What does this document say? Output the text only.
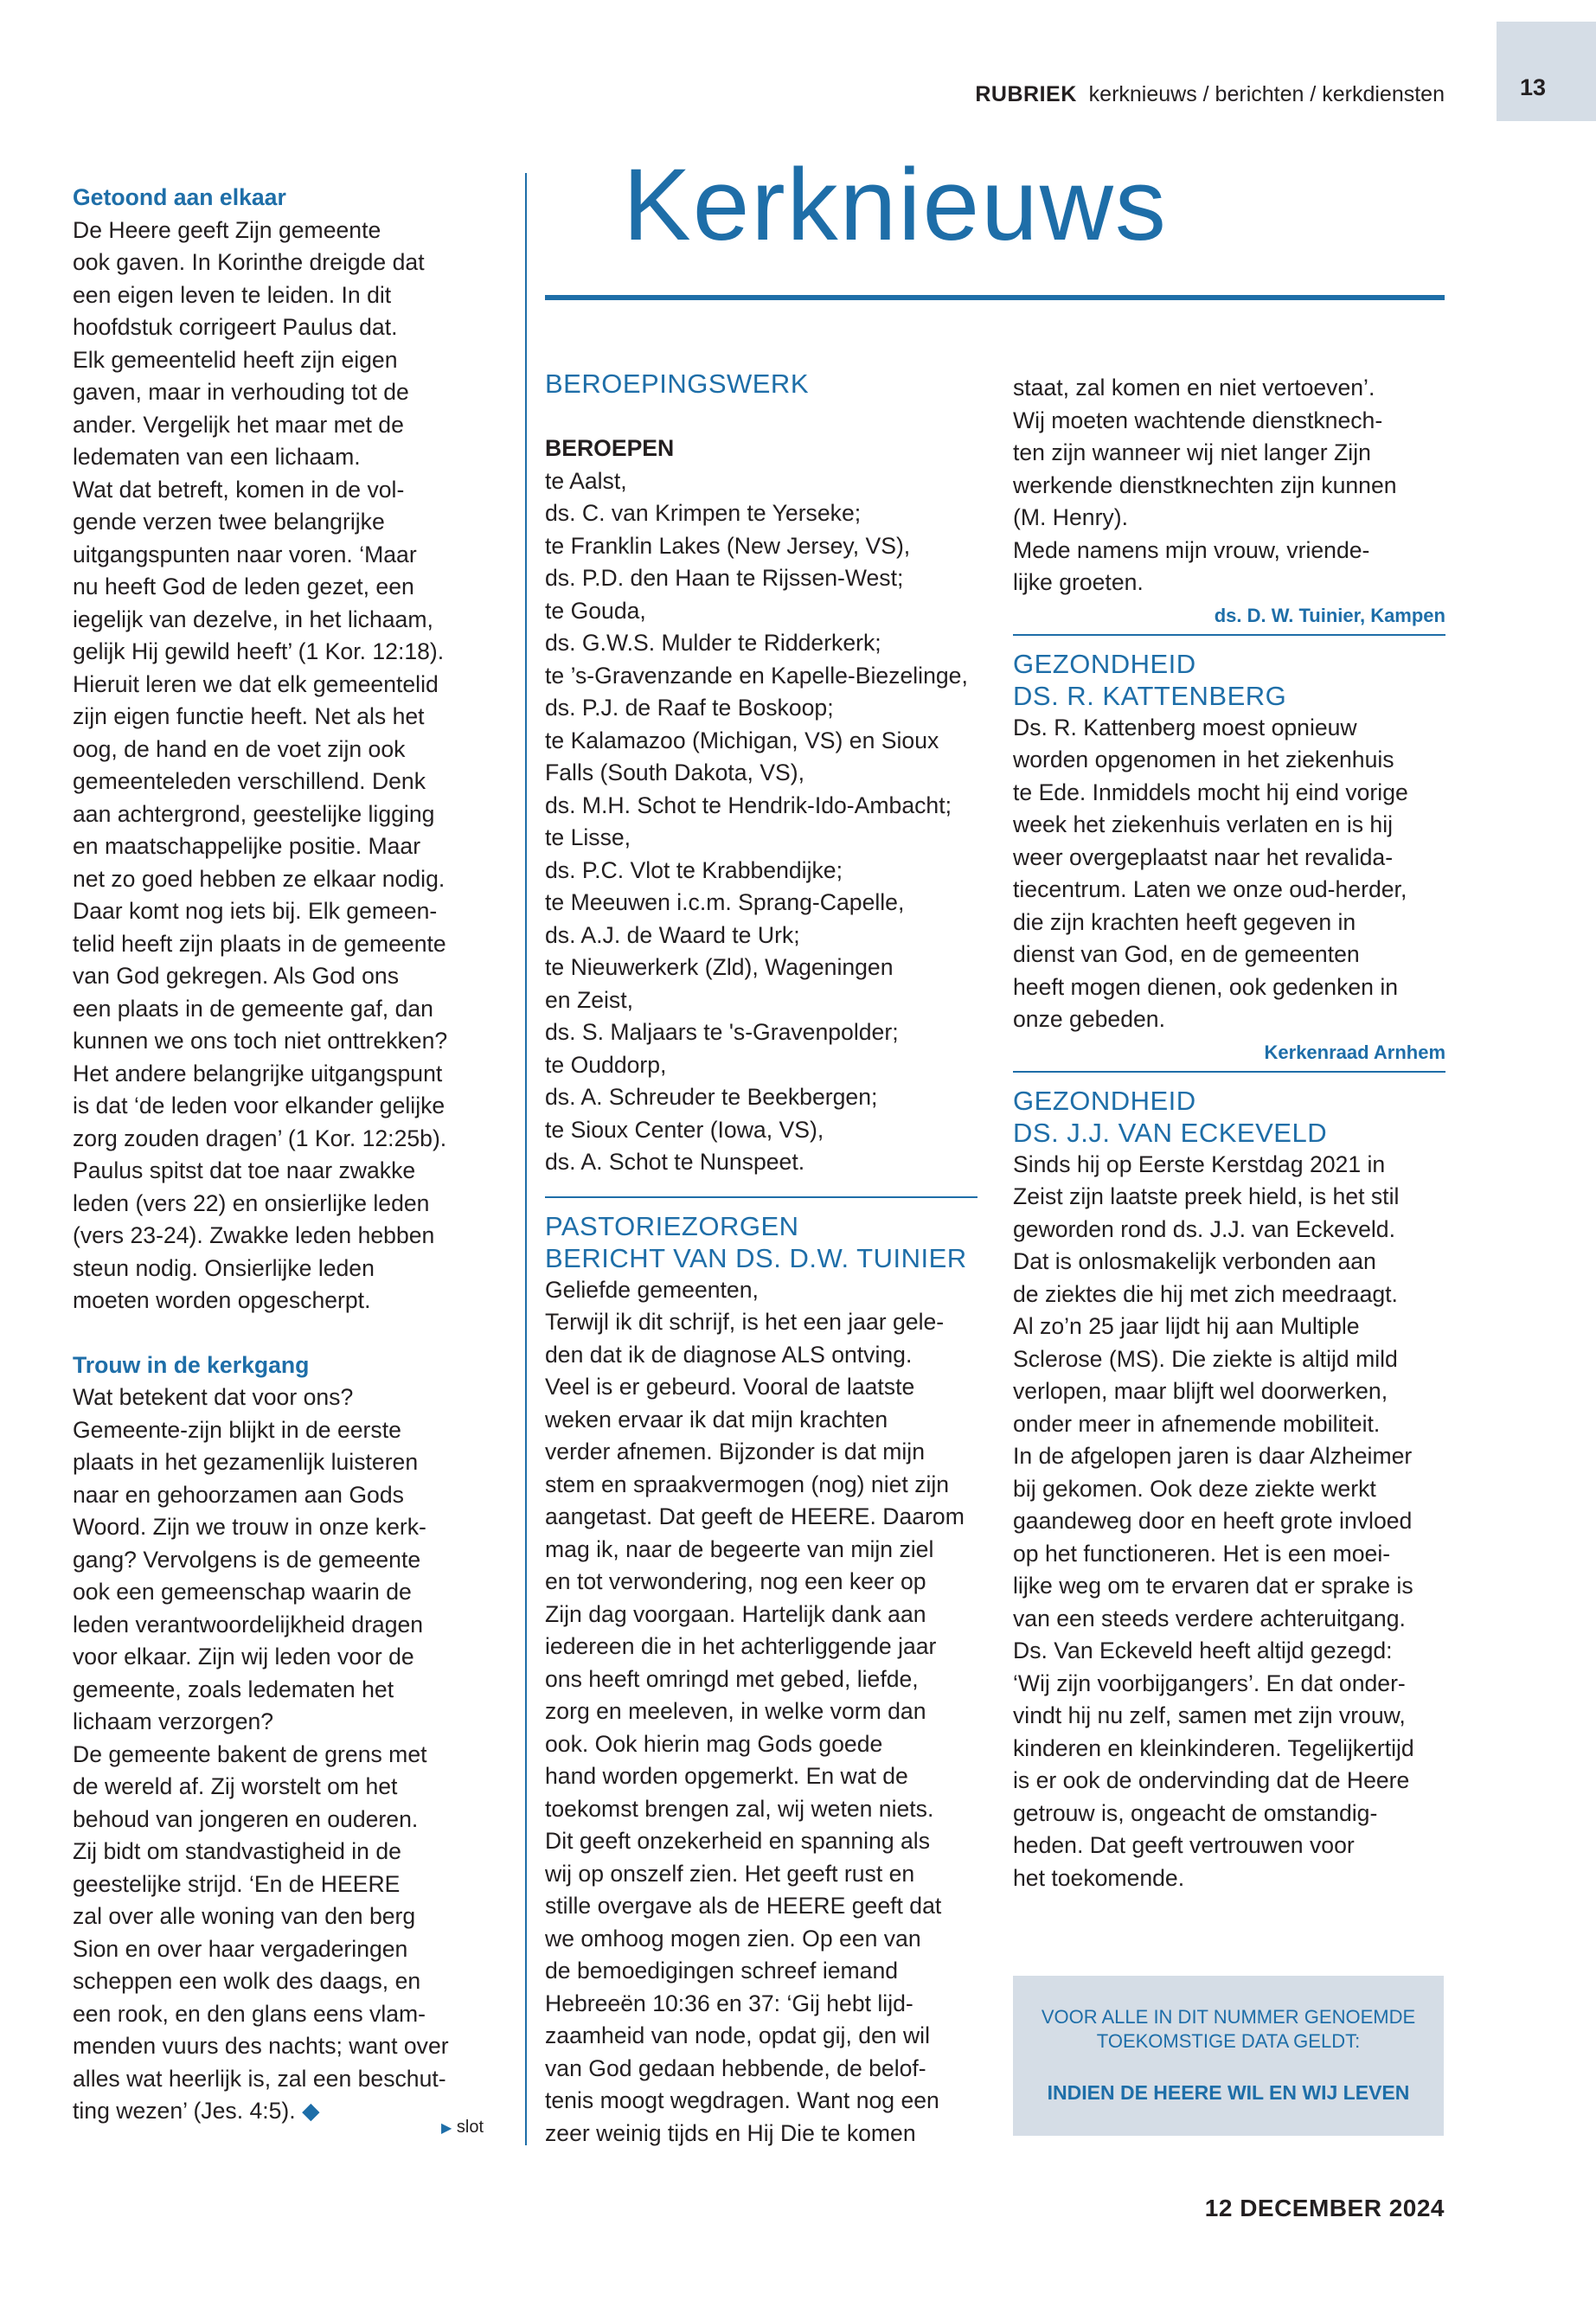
RUBRIEK kerknieuws / berichten / kerkdiensten	13

Getoond aan elkaar

De Heere geeft Zijn gemeente
ook gaven. In Korinthe dreigde dat
een eigen leven te leiden. In dit
hoofdstuk corrigeert Paulus dat.
Elk gemeentelid heeft zijn eigen
gaven, maar in verhouding tot de
ander. Vergelijk het maar met de
ledematen van een lichaam.
Wat dat betreft, komen in de vol-
gende verzen twee belangrijke
uitgangspunten naar voren. ‘Maar
nu heeft God de leden gezet, een
iegelijk van dezelve, in het lichaam,
gelijk Hij gewild heeft’ (1 Kor. 12:18).
Hieruit leren we dat elk gemeentelid
zijn eigen functie heeft. Net als het
oog, de hand en de voet zijn ook
gemeenteleden verschillend. Denk
aan achtergrond, geestelijke ligging
en maatschappelijke positie. Maar
net zo goed hebben ze elkaar nodig.
Daar komt nog iets bij. Elk gemeen-
telid heeft zijn plaats in de gemeente
van God gekregen. Als God ons
een plaats in de gemeente gaf, dan
kunnen we ons toch niet onttrekken?
Het andere belangrijke uitgangspunt
is dat ‘de leden voor elkander gelijke
zorg zouden dragen’ (1 Kor. 12:25b).
Paulus spitst dat toe naar zwakke
leden (vers 22) en onsierlijke leden
(vers 23-24). Zwakke leden hebben
steun nodig. Onsierlijke leden
moeten worden opgescherpt.

Trouw in de kerkgang

Wat betekent dat voor ons?
Gemeente-zijn blijkt in de eerste
plaats in het gezamenlijk luisteren
naar en gehoorzamen aan Gods
Woord. Zijn we trouw in onze kerk-
gang? Vervolgens is de gemeente
ook een gemeenschap waarin de
leden verantwoordelijkheid dragen
voor elkaar. Zijn wij leden voor de
gemeente, zoals ledematen het
lichaam verzorgen?
De gemeente bakent de grens met
de wereld af. Zij worstelt om het
behoud van jongeren en ouderen.
Zij bidt om standvastigheid in de
geestelijke strijd. ‘En de HEERE
zal over alle woning van den berg
Sion en over haar vergaderingen
scheppen een wolk des daags, en
een rook, en den glans eens vlam-
menden vuurs des nachts; want over
alles wat heerlijk is, zal een beschut-
ting wezen’ (Jes. 4:5). ◆
▶ slot
Kerknieuws

BEROEPINGSWERK

BEROEPEN

te Aalst,
ds. C. van Krimpen te Yerseke;
te Franklin Lakes (New Jersey, VS),
ds. P.D. den Haan te Rijssen-West;
te Gouda,
ds. G.W.S. Mulder te Ridderkerk;
te ’s-Gravenzande en Kapelle-Biezelinge,
ds. P.J. de Raaf te Boskoop;
te Kalamazoo (Michigan, VS) en Sioux
Falls (South Dakota, VS),
ds. M.H. Schot te Hendrik-Ido-Ambacht;
te Lisse,
ds. P.C. Vlot te Krabbendijke;
te Meeuwen i.c.m. Sprang-Capelle,
ds. A.J. de Waard te Urk;
te Nieuwerkerk (Zld), Wageningen
en Zeist,
ds. S. Maljaars te 's-Gravenpolder;
te Ouddorp,
ds. A. Schreuder te Beekbergen;
te Sioux Center (Iowa, VS),
ds. A. Schot te Nunspeet.

PASTORIEZORGEN

BERICHT VAN DS. D.W. TUINIER

Geliefde gemeenten,
Terwijl ik dit schrijf, is het een jaar gele-
den dat ik de diagnose ALS ontving.
Veel is er gebeurd. Vooral de laatste
weken ervaar ik dat mijn krachten
verder afnemen. Bijzonder is dat mijn
stem en spraakvermogen (nog) niet zijn
aangetast. Dat geeft de HEERE. Daarom
mag ik, naar de begeerte van mijn ziel
en tot verwondering, nog een keer op
Zijn dag voorgaan. Hartelijk dank aan
iedereen die in het achterliggende jaar
ons heeft omringd met gebed, liefde,
zorg en meeleven, in welke vorm dan
ook. Ook hierin mag Gods goede
hand worden opgemerkt. En wat de
toekomst brengen zal, wij weten niets.
Dit geeft onzekerheid en spanning als
wij op onszelf zien. Het geeft rust en
stille overgave als de HEERE geeft dat
we omhoog mogen zien. Op een van
de bemoedigingen schreef iemand
Hebreeën 10:36 en 37: ‘Gij hebt lijd-
zaamheid van node, opdat gij, den wil
van God gedaan hebbende, de belof-
tenis moogt wegdragen. Want nog een
zeer weinig tijds en Hij Die te komen
staat, zal komen en niet vertoeven’.
Wij moeten wachtende dienstknech-
ten zijn wanneer wij niet langer Zijn
werkende dienstknechten zijn kunnen
(M. Henry).
Mede namens mijn vrouw, vriende-
lijke groeten.

ds. D. W. Tuinier, Kampen

GEZONDHEID

DS. R. KATTENBERG

Ds. R. Kattenberg moest opnieuw
worden opgenomen in het ziekenhuis
te Ede. Inmiddels mocht hij eind vorige
week het ziekenhuis verlaten en is hij
weer overgeplaatst naar het revalida-
tiecentrum. Laten we onze oud-herder,
die zijn krachten heeft gegeven in
dienst van God, en de gemeenten
heeft mogen dienen, ook gedenken in
onze gebeden.

Kerkenraad Arnhem

GEZONDHEID

DS. J.J. VAN ECKEVELD

Sinds hij op Eerste Kerstdag 2021 in
Zeist zijn laatste preek hield, is het stil
geworden rond ds. J.J. van Eckeveld.
Dat is onlosmakelijk verbonden aan
de ziektes die hij met zich meedraagt.
Al zo’n 25 jaar lijdt hij aan Multiple
Sclerose (MS). Die ziekte is altijd mild
verlopen, maar blijft wel doorwerken,
onder meer in afnemende mobiliteit.
In de afgelopen jaren is daar Alzheimer
bij gekomen. Ook deze ziekte werkt
gaandeweg door en heeft grote invloed
op het functioneren. Het is een moei-
lijke weg om te ervaren dat er sprake is
van een steeds verdere achteruitgang.
Ds. Van Eckeveld heeft altijd gezegd:
‘Wij zijn voorbijgangers’. En dat onder-
vindt hij nu zelf, samen met zijn vrouw,
kinderen en kleinkinderen. Tegelijkertijd
is er ook de ondervinding dat de Heere
getrouw is, ongeacht de omstandig-
heden. Dat geeft vertrouwen voor
het toekomende.
VOOR ALLE IN DIT NUMMER GENOEMDE
TOEKOMSTIGE DATA GELDT:
INDIEN DE HEERE WIL EN WIJ LEVEN
12 DECEMBER 2024
